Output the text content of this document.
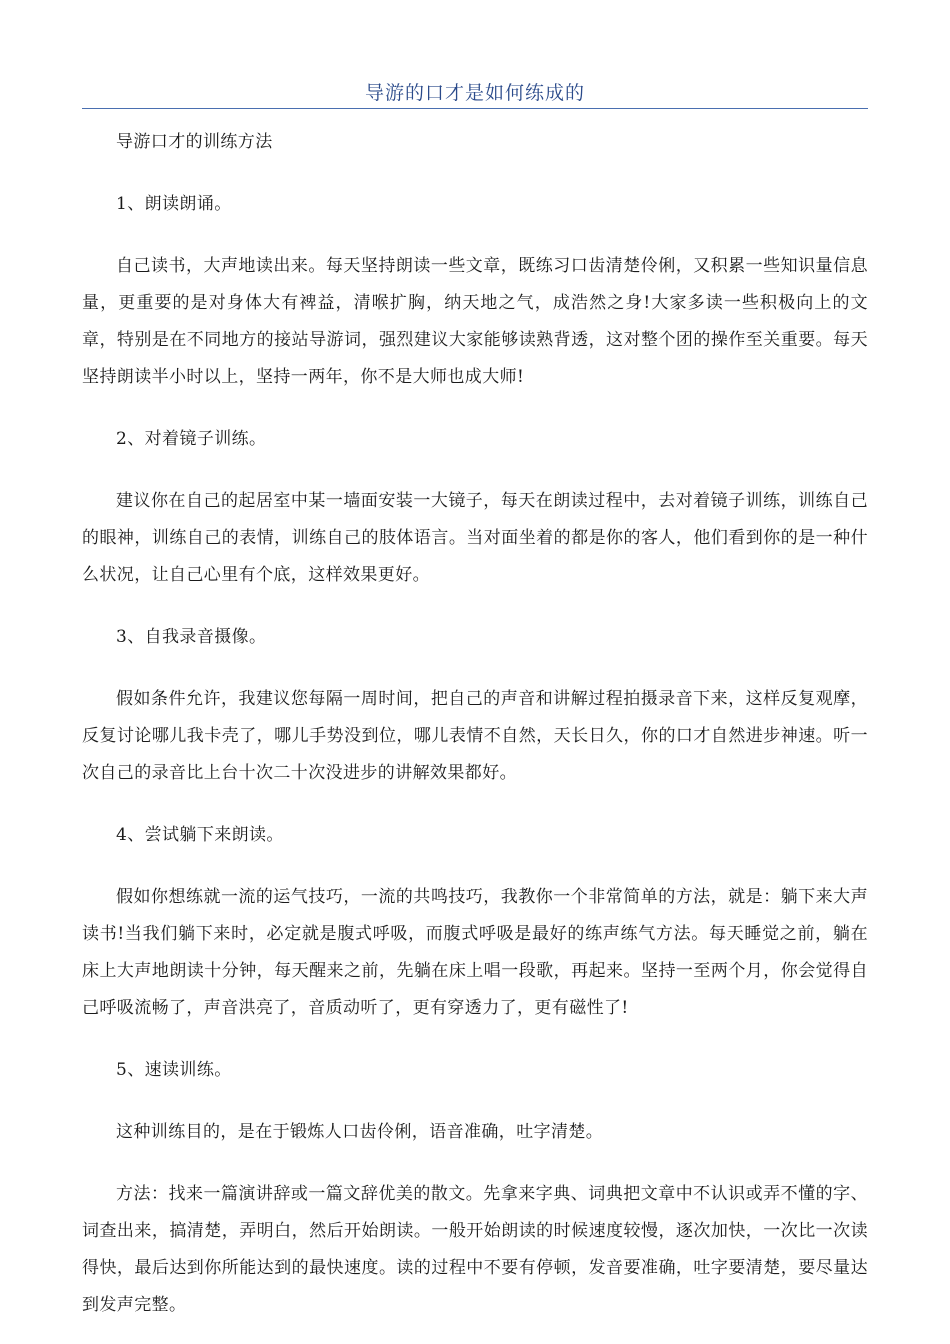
导游的口才是如何练成的

导游口才的训练方法

1、朗读朗诵。

自己读书，大声地读出来。每天坚持朗读一些文章，既练习口齿清楚伶俐，又积累一些知识量信息量，更重要的是对身体大有裨益，清喉扩胸，纳天地之气，成浩然之身!大家多读一些积极向上的文章，特别是在不同地方的接站导游词，强烈建议大家能够读熟背透，这对整个团的操作至关重要。每天坚持朗读半小时以上，坚持一两年，你不是大师也成大师!

2、对着镜子训练。

建议你在自己的起居室中某一墙面安装一大镜子，每天在朗读过程中，去对着镜子训练，训练自己的眼神，训练自己的表情，训练自己的肢体语言。当对面坐着的都是你的客人，他们看到你的是一种什么状况，让自己心里有个底，这样效果更好。

3、自我录音摄像。

假如条件允许，我建议您每隔一周时间，把自己的声音和讲解过程拍摄录音下来，这样反复观摩，反复讨论哪儿我卡壳了，哪儿手势没到位，哪儿表情不自然，天长日久，你的口才自然进步神速。听一次自己的录音比上台十次二十次没进步的讲解效果都好。

4、尝试躺下来朗读。

假如你想练就一流的运气技巧，一流的共鸣技巧，我教你一个非常简单的方法，就是：躺下来大声读书!当我们躺下来时，必定就是腹式呼吸，而腹式呼吸是最好的练声练气方法。每天睡觉之前，躺在床上大声地朗读十分钟，每天醒来之前，先躺在床上唱一段歌，再起来。坚持一至两个月，你会觉得自己呼吸流畅了，声音洪亮了，音质动听了，更有穿透力了，更有磁性了!

5、速读训练。

这种训练目的，是在于锻炼人口齿伶俐，语音准确，吐字清楚。

方法：找来一篇演讲辞或一篇文辞优美的散文。先拿来字典、词典把文章中不认识或弄不懂的字、词查出来，搞清楚，弄明白，然后开始朗读。一般开始朗读的时候速度较慢，逐次加快，一次比一次读得快，最后达到你所能达到的最快速度。读的过程中不要有停顿，发音要准确，吐字要清楚，要尽量达到发声完整。
